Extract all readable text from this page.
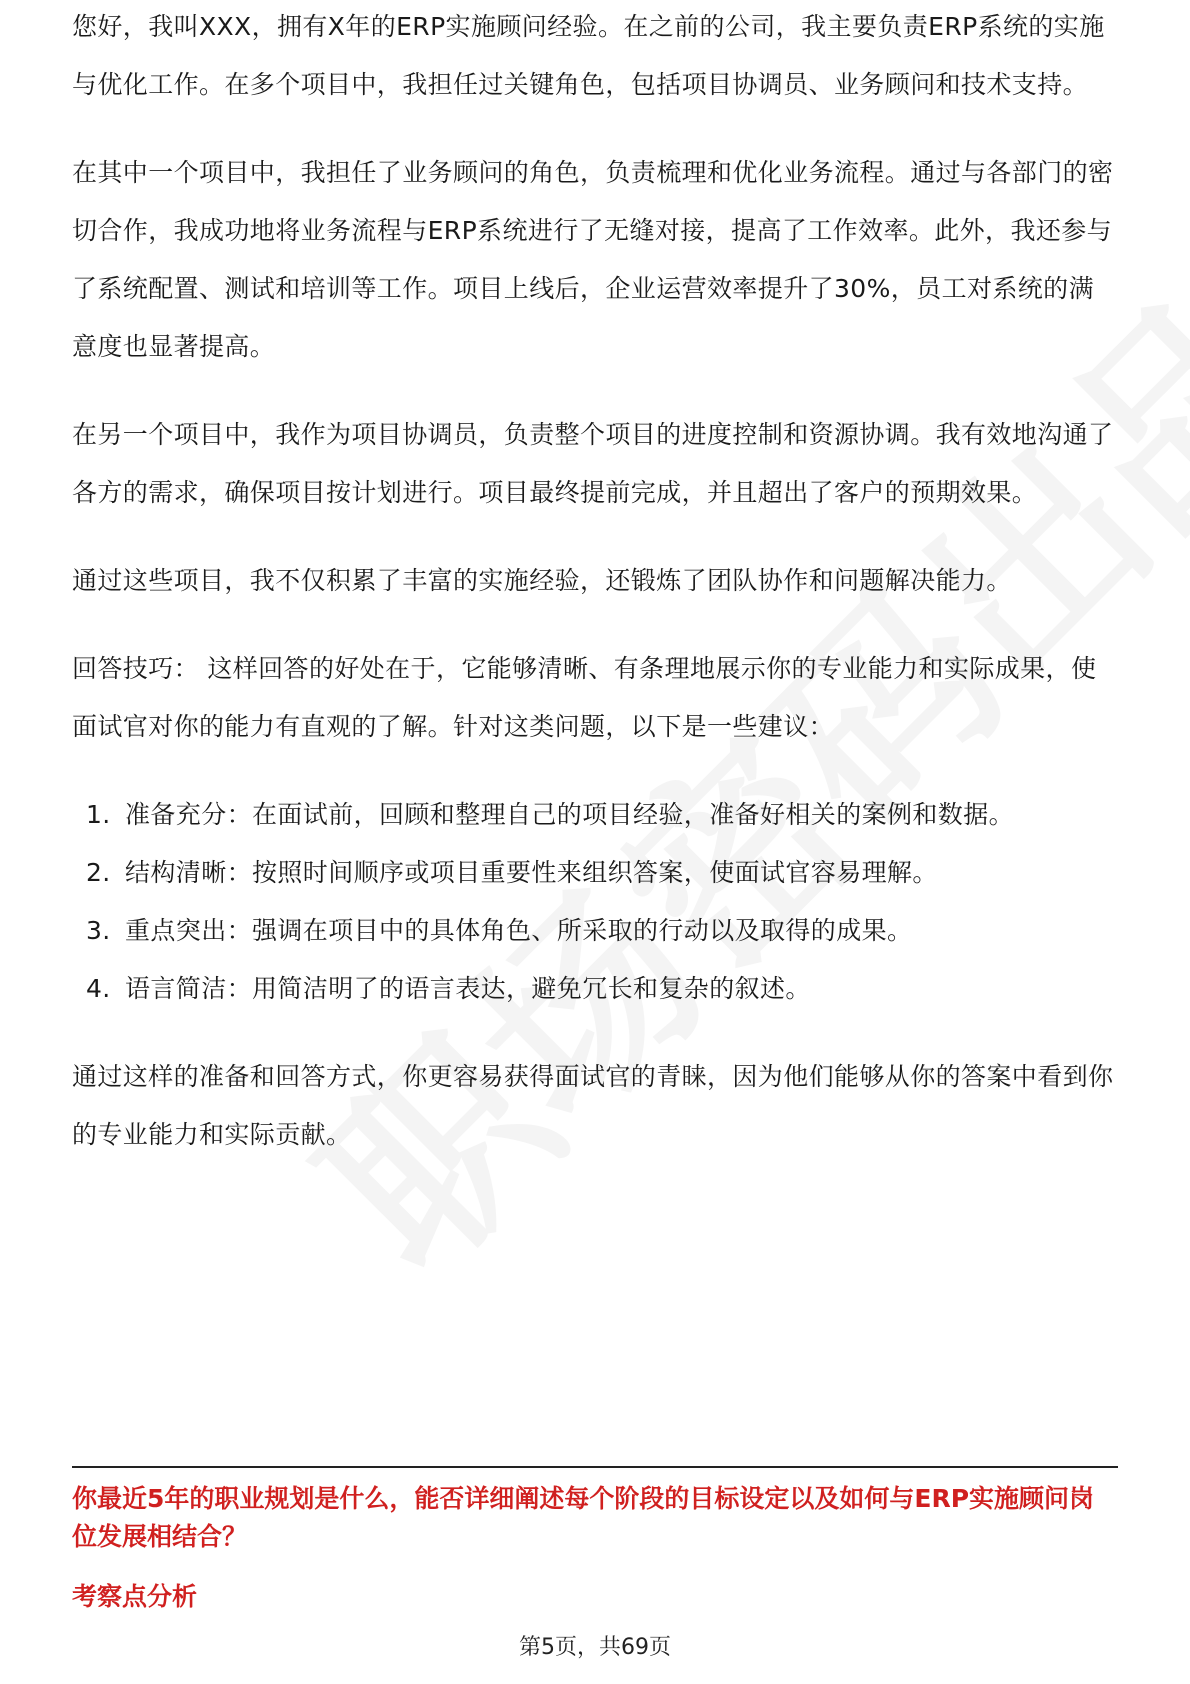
您好，我叫XXX，拥有X年的ERP实施顾问经验。在之前的公司，我主要负责ERP系统的实施与优化工作。在多个项目中，我担任过关键角色，包括项目协调员、业务顾问和技术支持。

在其中一个项目中，我担任了业务顾问的角色，负责梳理和优化业务流程。通过与各部门的密切合作，我成功地将业务流程与ERP系统进行了无缝对接，提高了工作效率。此外，我还参与了系统配置、测试和培训等工作。项目上线后，企业运营效率提升了30%，员工对系统的满意度也显著提高。

在另一个项目中，我作为项目协调员，负责整个项目的进度控制和资源协调。我有效地沟通了各方的需求，确保项目按计划进行。项目最终提前完成，并且超出了客户的预期效果。

通过这些项目，我不仅积累了丰富的实施经验，还锻炼了团队协作和问题解决能力。

回答技巧： 这样回答的好处在于，它能够清晰、有条理地展示你的专业能力和实际成果，使面试官对你的能力有直观的了解。针对这类问题，以下是一些建议：

1. 准备充分：在面试前，回顾和整理自己的项目经验，准备好相关的案例和数据。
2. 结构清晰：按照时间顺序或项目重要性来组织答案，使面试官容易理解。
3. 重点突出：强调在项目中的具体角色、所采取的行动以及取得的成果。
4. 语言简洁：用简洁明了的语言表达，避免冗长和复杂的叙述。

通过这样的准备和回答方式，你更容易获得面试官的青睐，因为他们能够从你的答案中看到你的专业能力和实际贡献。

你最近5年的职业规划是什么，能否详细阐述每个阶段的目标设定以及如何与ERP实施顾问岗位发展相结合？
考察点分析
第5页，共69页
